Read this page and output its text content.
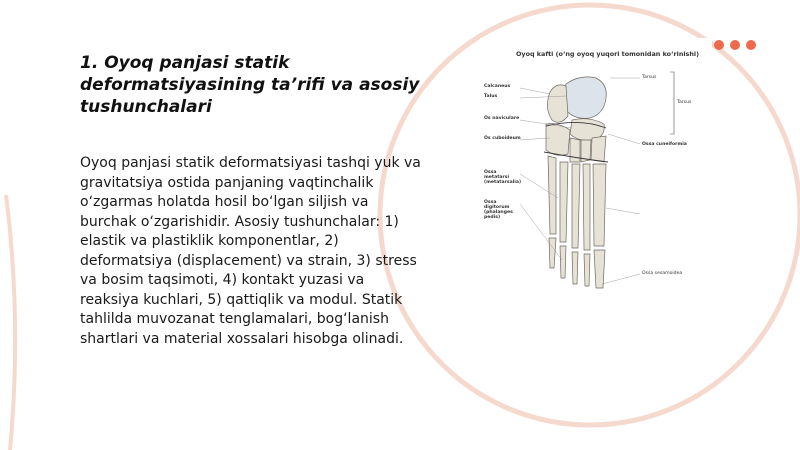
1. Oyoq panjasi statik deformatsiyasining ta’rifi va asosiy tushunchalari

Oyoq panjasi statik deformatsiyasi tashqi yuk va gravitatsiya ostida panjaning vaqtinchalik o‘zgarmas holatda hosil bo‘lgan siljish va burchak o‘zgarishidir. Asosiy tushunchalar: 1) elastik va plastiklik komponentlar, 2) deformatsiya (displacement) va strain, 3) stress va bosim taqsimoti, 4) kontakt yuzasi va reaksiya kuchlari, 5) qattiqlik va modul. Statik tahlilda muvozanat tenglamalari, bog‘lanish shartlari va material xossalari hisobga olinadi.

Oyoq kafti (o‘ng oyoq yuqori tomonidan ko‘rinishi)

Calcaneus
Talus
Os naviculare
Os cuboideum
Ossa metatarsi (metatarsalia)
Ossa digitorum (phalanges pedis)
Tarsus
Ossa cuneiformia
Ossa sesamoidea
Tarsus
